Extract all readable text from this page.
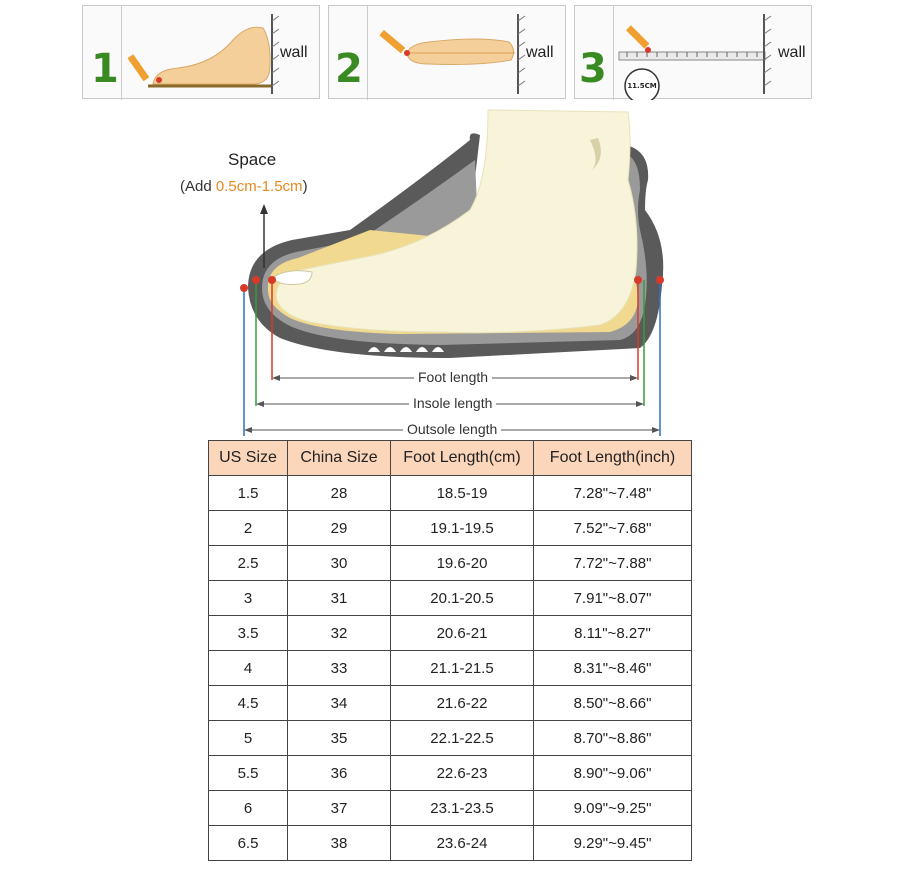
1	wall 2	wall 3	11.5CM
wall
Space
(Add 0.5cm-1.5cm)
Foot length
Insole length
Outsole length
US Size	China Size	Foot Length(cm)	Foot Length(inch)
1.5	28	18.5-19	7.28"~7.48"
2	29	19.1-19.5	7.52"~7.68"
2.5	30	19.6-20	7.72"~7.88"
3	31	20.1-20.5	7.91"~8.07"
3.5	32	20.6-21	8.11"~8.27"
4	33	21.1-21.5	8.31"~8.46"
4.5	34	21.6-22	8.50"~8.66"
5	35	22.1-22.5	8.70"~8.86"
5.5	36	22.6-23	8.90"~9.06"
6	37	23.1-23.5	9.09"~9.25"
6.5	38	23.6-24	9.29"~9.45"
